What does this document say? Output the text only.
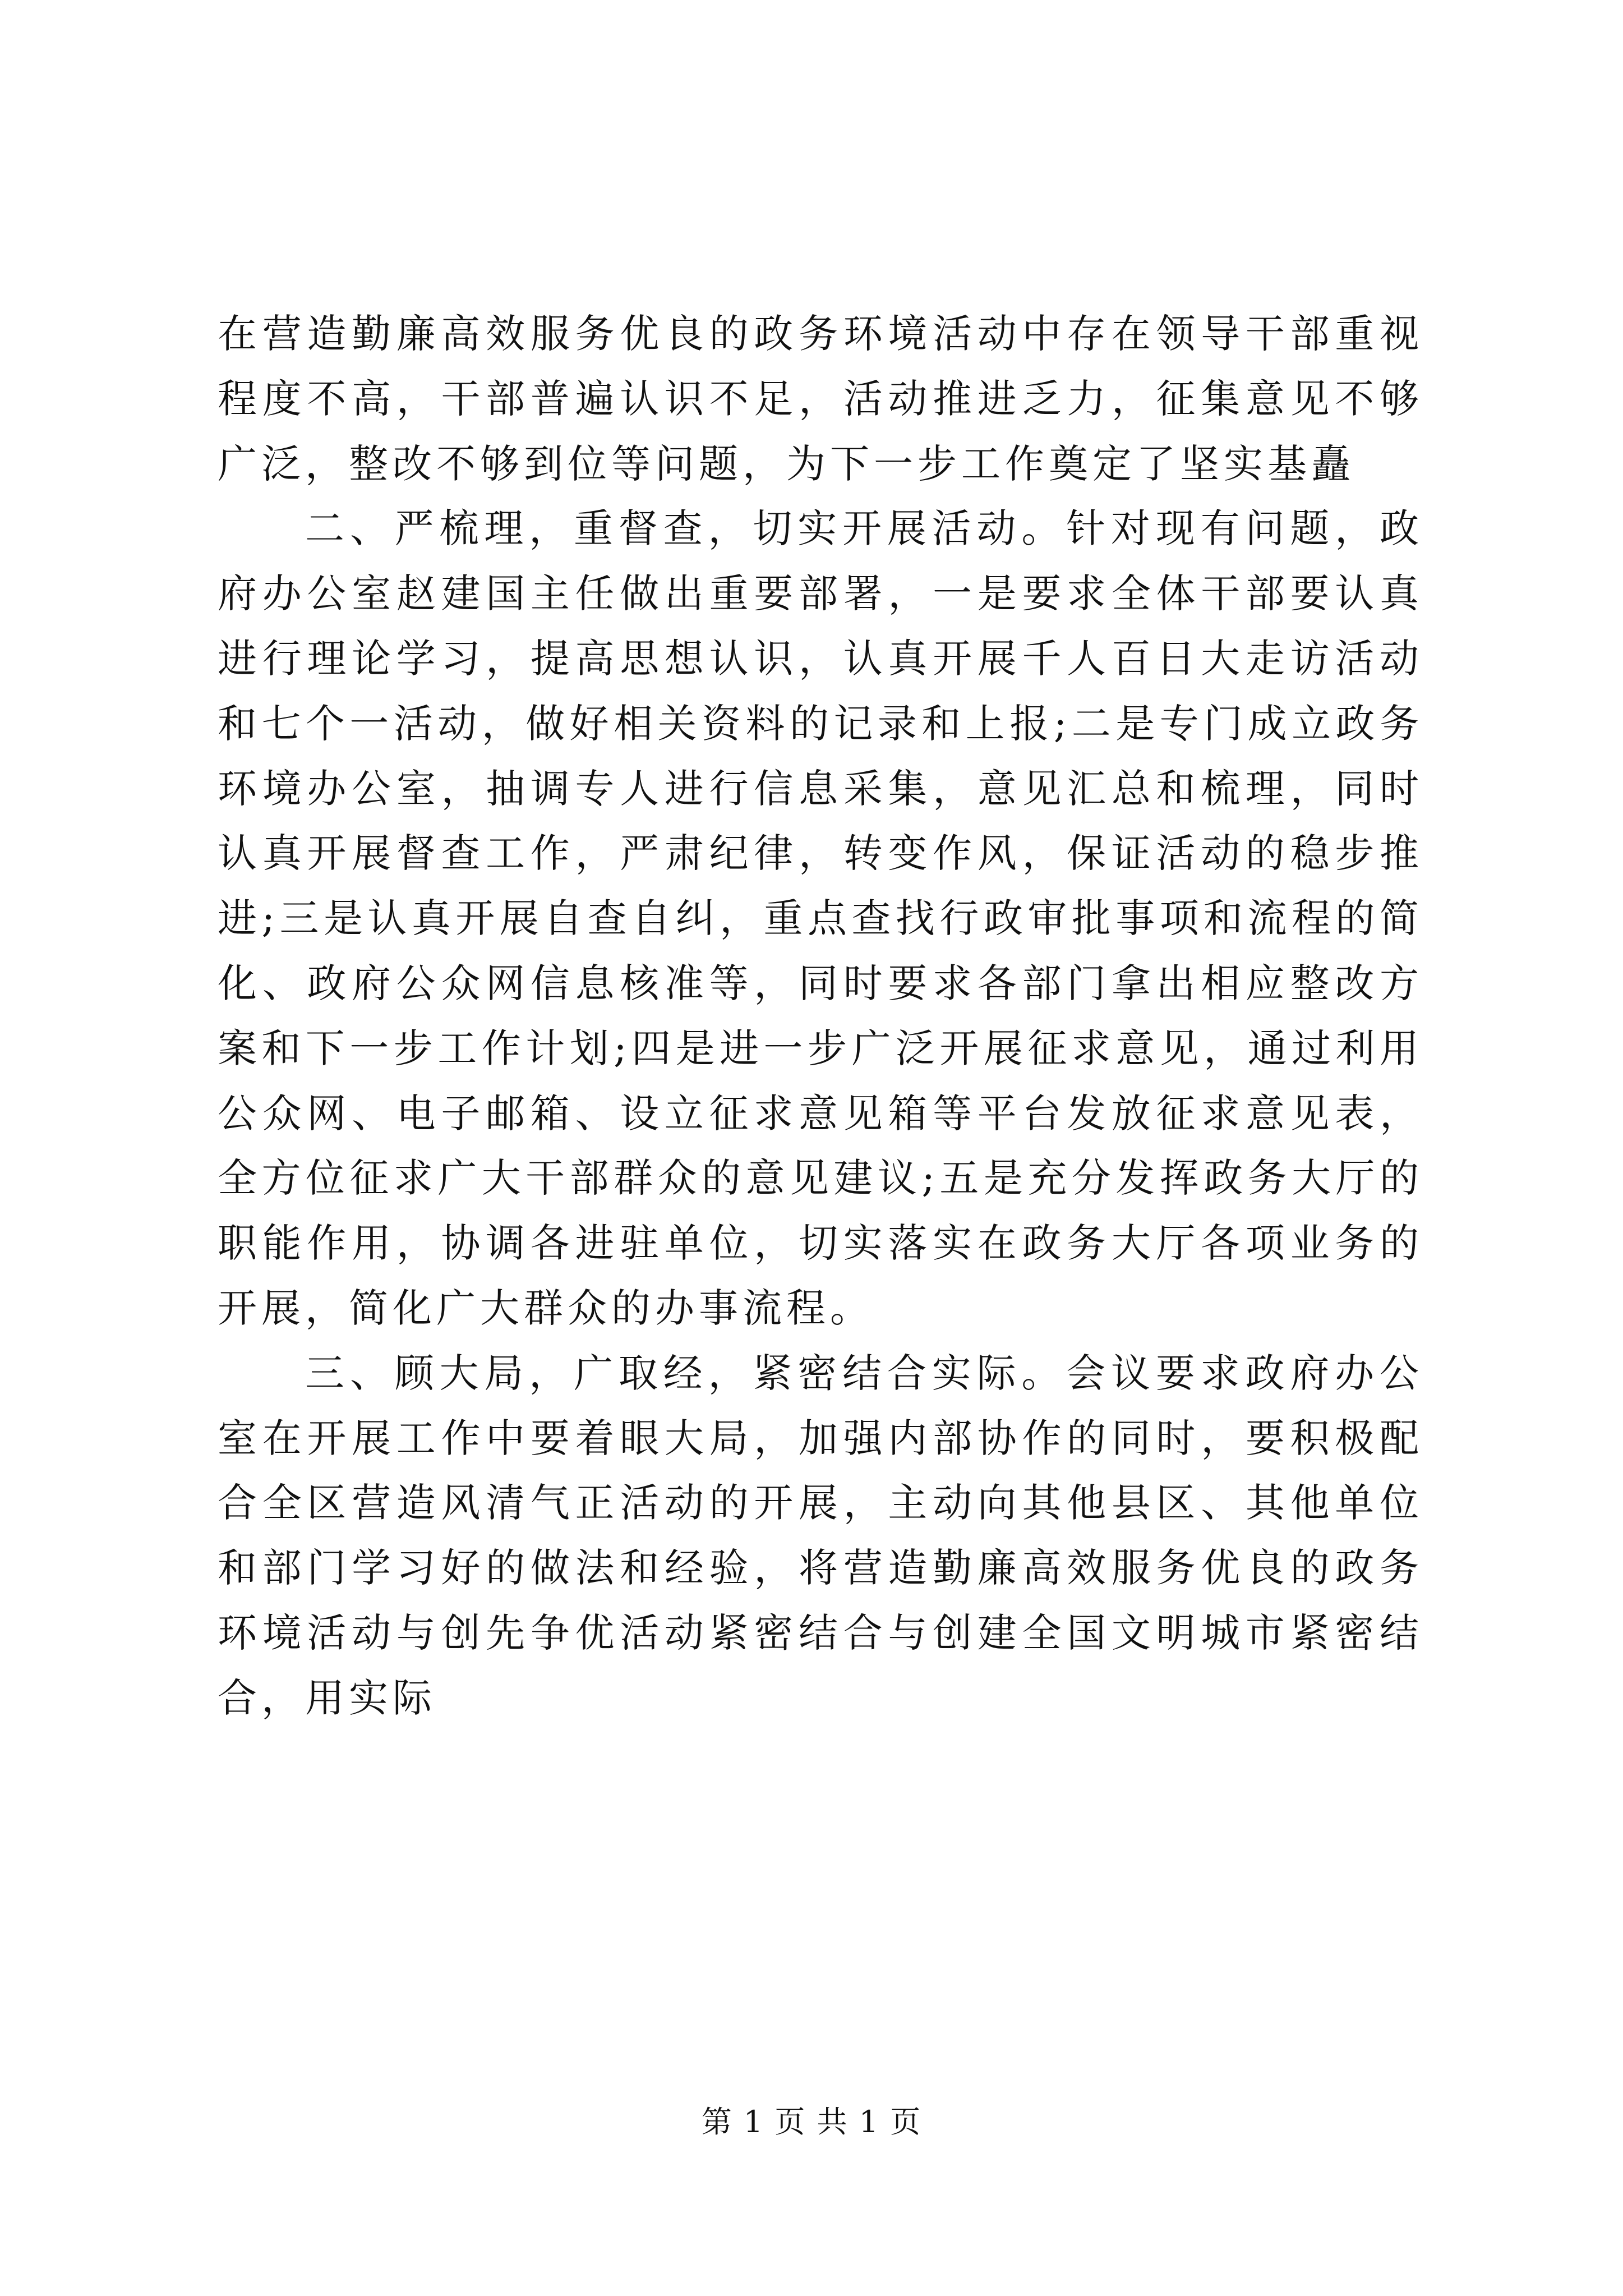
在营造勤廉高效服务优良的政务环境活动中存在领导干部重视程度不高，干部普遍认识不足，活动推进乏力，征集意见不够广泛，整改不够到位等问题，为下一步工作奠定了坚实基矗

二、严梳理，重督查，切实开展活动。针对现有问题，政府办公室赵建国主任做出重要部署，一是要求全体干部要认真进行理论学习，提高思想认识，认真开展千人百日大走访活动和七个一活动，做好相关资料的记录和上报;二是专门成立政务环境办公室，抽调专人进行信息采集，意见汇总和梳理，同时认真开展督查工作，严肃纪律，转变作风，保证活动的稳步推进;三是认真开展自查自纠，重点查找行政审批事项和流程的简化、政府公众网信息核准等，同时要求各部门拿出相应整改方案和下一步工作计划;四是进一步广泛开展征求意见，通过利用公众网、电子邮箱、设立征求意见箱等平台发放征求意见表，全方位征求广大干部群众的意见建议;五是充分发挥政务大厅的职能作用，协调各进驻单位，切实落实在政务大厅各项业务的开展，简化广大群众的办事流程。

三、顾大局，广取经，紧密结合实际。会议要求政府办公室在开展工作中要着眼大局，加强内部协作的同时，要积极配合全区营造风清气正活动的开展，主动向其他县区、其他单位和部门学习好的做法和经验，将营造勤廉高效服务优良的政务环境活动与创先争优活动紧密结合与创建全国文明城市紧密结合，用实际

第 1 页 共 1 页
